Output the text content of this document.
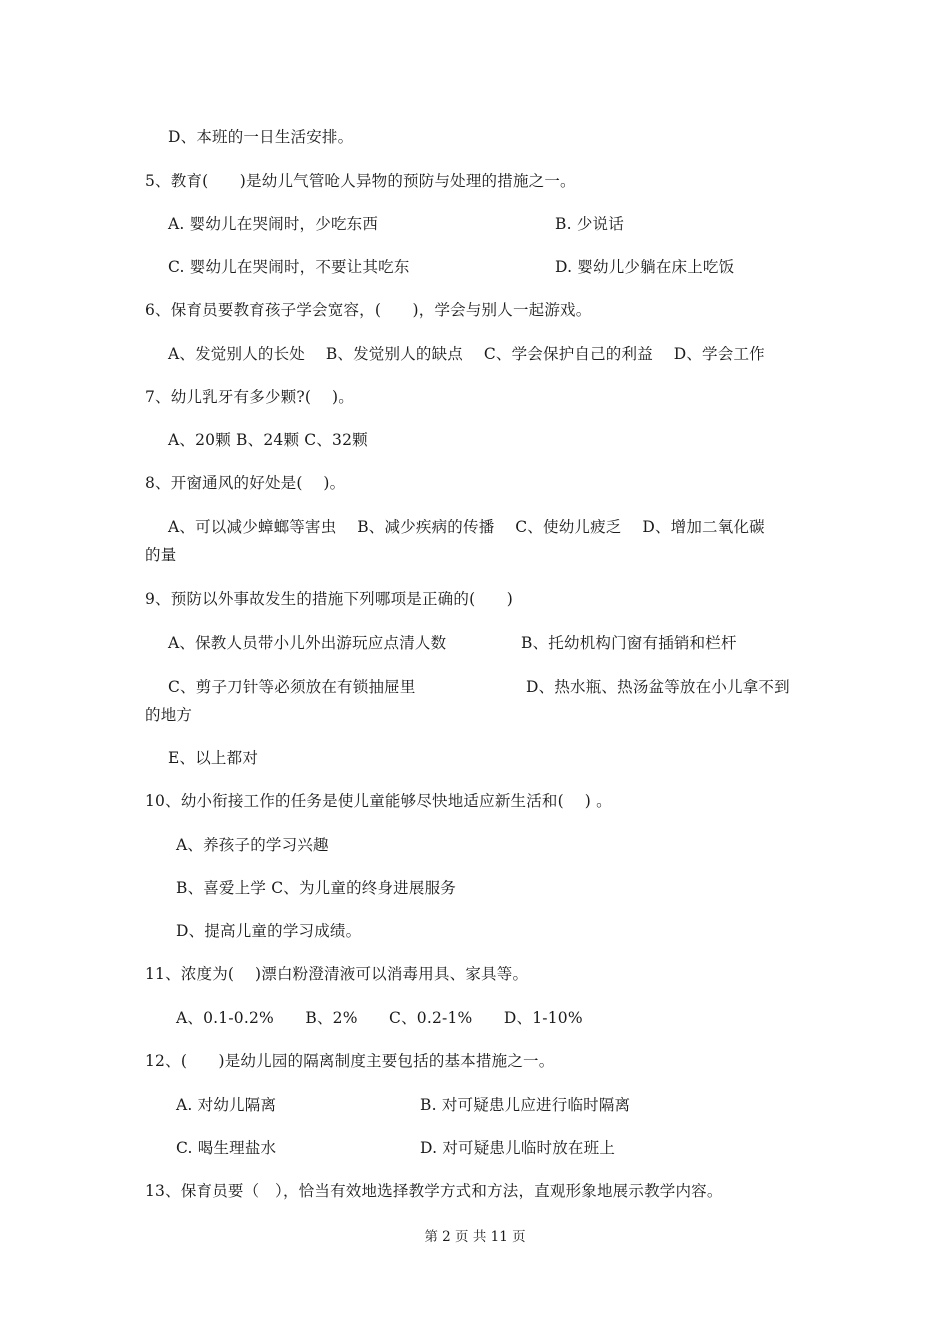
D、本班的一日生活安排。
5、教育(　　)是幼儿气管呛人异物的预防与处理的措施之一。
A. 婴幼儿在哭闹时，少吃东西	B. 少说话
C. 婴幼儿在哭闹时，不要让其吃东	D. 婴幼儿少躺在床上吃饭
6、保育员要教育孩子学会宽容，(　　)，学会与别人一起游戏。
A、发觉别人的长处　 B、发觉别人的缺点　 C、学会保护自己的利益　 D、学会工作
7、幼儿乳牙有多少颗?(　 )。
A、20颗 B、24颗 C、32颗
8、开窗通风的好处是(　 )。
A、可以减少蟑螂等害虫　 B、减少疾病的传播　 C、使幼儿疲乏　 D、增加二氧化碳
的量
9、预防以外事故发生的措施下列哪项是正确的(　　)
A、保教人员带小儿外出游玩应点清人数	B、托幼机构门窗有插销和栏杆
C、剪子刀针等必须放在有锁抽屉里	D、热水瓶、热汤盆等放在小儿拿不到
的地方
E、以上都对
10、幼小衔接工作的任务是使儿童能够尽快地适应新生活和(　 ) 。
A、养孩子的学习兴趣
B、喜爱上学 C、为儿童的终身进展服务
D、提高儿童的学习成绩。
11、浓度为(　 )漂白粉澄清液可以消毒用具、家具等。
A、0.1-0.2%　　B、2%　　C、0.2-1%　　D、1-10%
12、(　　)是幼儿园的隔离制度主要包括的基本措施之一。
A. 对幼儿隔离	B. 对可疑患儿应进行临时隔离
C. 喝生理盐水	D. 对可疑患儿临时放在班上
13、保育员要（　），恰当有效地选择教学方式和方法，直观形象地展示教学内容。
第 2 页 共 11 页
